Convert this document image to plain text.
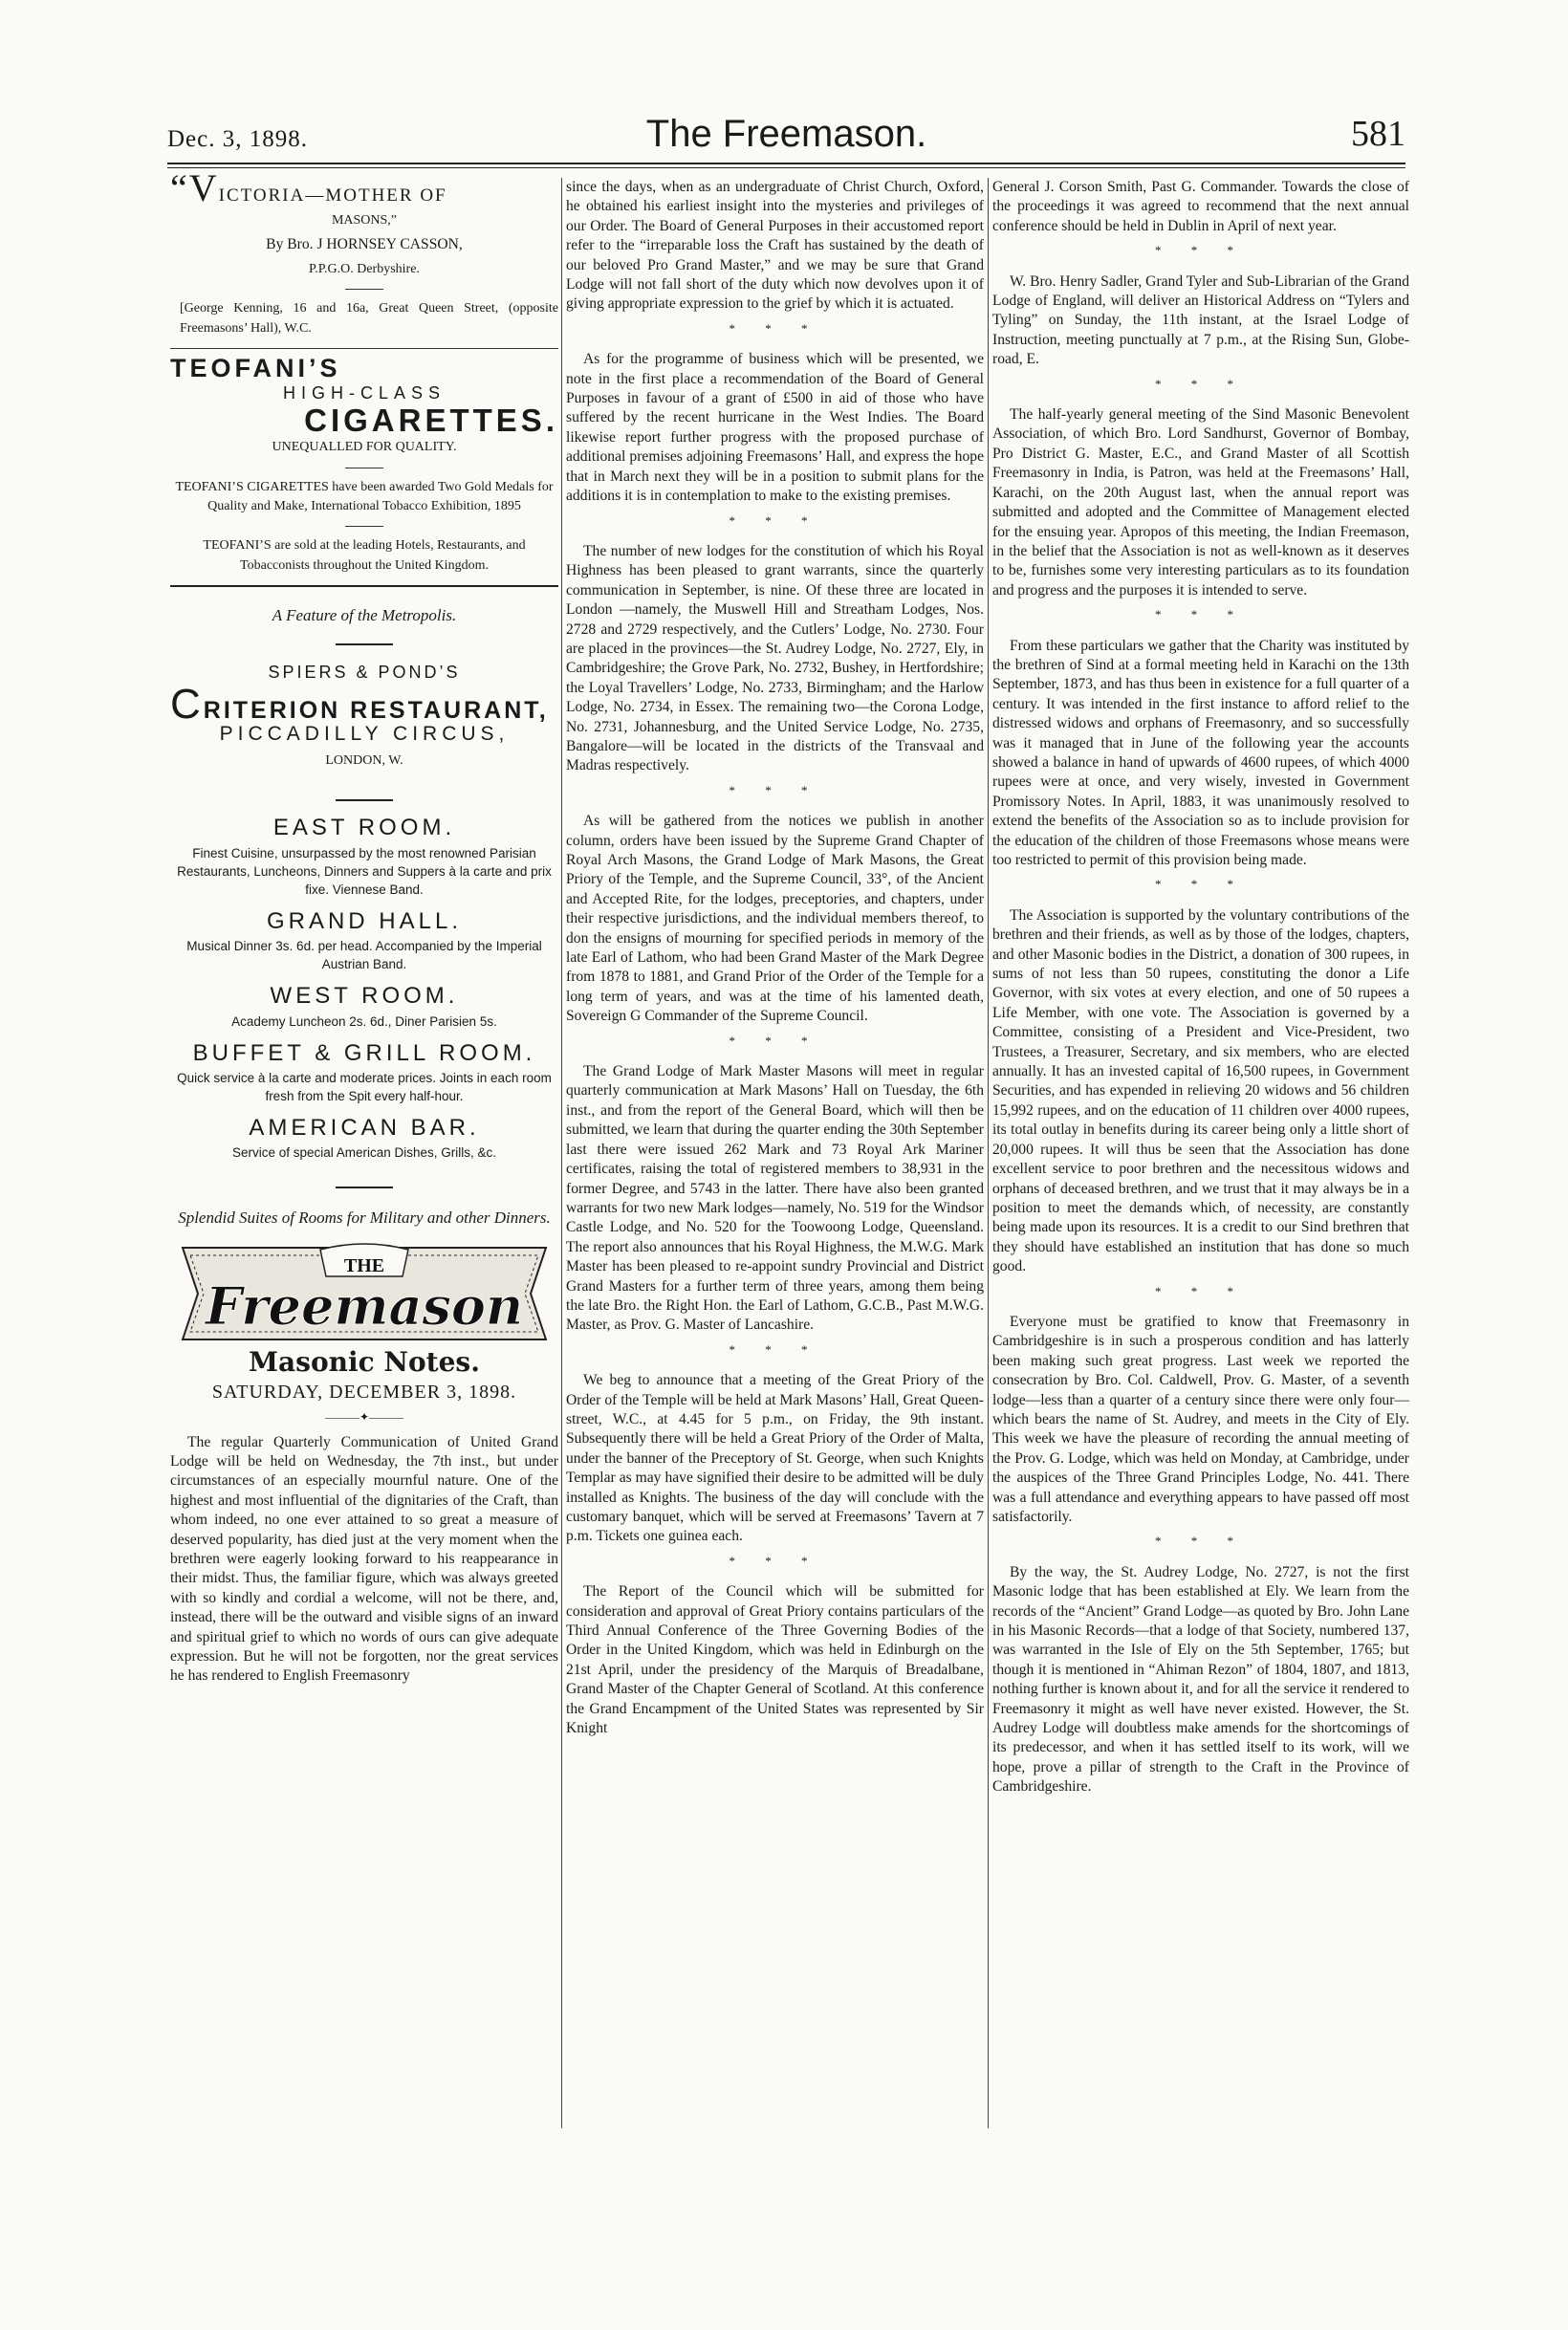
Dec. 3, 1898.	The Freemason.	581

“VICTORIA—MOTHER OF

MASONS,”

By Bro. J HORNSEY CASSON,

P.P.G.O. Derbyshire.

[George Kenning, 16 and 16a, Great Queen Street, (opposite Freemasons’ Hall), W.C.

TEOFANI’S
HIGH-CLASS
CIGARETTES.

UNEQUALLED FOR QUALITY.

TEOFANI’S CIGARETTES have been awarded Two Gold Medals for Quality and Make, International Tobacco Exhibition, 1895

TEOFANI’S are sold at the leading Hotels, Restaurants, and Tobacconists throughout the United Kingdom.

A Feature of the Metropolis.
SPIERS & POND’S
CRITERION RESTAURANT,
PICCADILLY CIRCUS,
LONDON, W.
EAST ROOM.
Finest Cuisine, unsurpassed by the most renowned Parisian Restaurants, Luncheons, Dinners and Suppers à la carte and prix fixe. Viennese Band.
GRAND HALL.
Musical Dinner 3s. 6d. per head. Accompanied by the Imperial Austrian Band.
WEST ROOM.
Academy Luncheon 2s. 6d., Diner Parisien 5s.
BUFFET & GRILL ROOM.
Quick service à la carte and moderate prices. Joints in each room fresh from the Spit every half-hour.
AMERICAN BAR.
Service of special American Dishes, Grills, &c.
Splendid Suites of Rooms for Military and other Dinners.
THE
Freemason
Masonic Notes.
SATURDAY, DECEMBER 3, 1898.
———✦———

The regular Quarterly Communication of United Grand Lodge will be held on Wednesday, the 7th inst., but under circumstances of an especially mournful nature. One of the highest and most influential of the dignitaries of the Craft, than whom indeed, no one ever attained to so great a measure of deserved popularity, has died just at the very moment when the brethren were eagerly looking forward to his reappearance in their midst. Thus, the familiar figure, which was always greeted with so kindly and cordial a welcome, will not be there, and, instead, there will be the outward and visible signs of an inward and spiritual grief to which no words of ours can give adequate expression. But he will not be forgotten, nor the great services he has rendered to English Freemasonry

since the days, when as an undergraduate of Christ Church, Oxford, he obtained his earliest insight into the mysteries and privileges of our Order. The Board of General Purposes in their accustomed report refer to the “irreparable loss the Craft has sustained by the death of our beloved Pro Grand Master,” and we may be sure that Grand Lodge will not fall short of the duty which now devolves upon it of giving appropriate expression to the grief by which it is actuated.

* * *

As for the programme of business which will be presented, we note in the first place a recommendation of the Board of General Purposes in favour of a grant of £500 in aid of those who have suffered by the recent hurricane in the West Indies. The Board likewise report further progress with the proposed purchase of additional premises adjoining Freemasons’ Hall, and express the hope that in March next they will be in a position to submit plans for the additions it is in contemplation to make to the existing premises.

* * *

The number of new lodges for the constitution of which his Royal Highness has been pleased to grant warrants, since the quarterly communication in September, is nine. Of these three are located in London —namely, the Muswell Hill and Streatham Lodges, Nos. 2728 and 2729 respectively, and the Cutlers’ Lodge, No. 2730. Four are placed in the provinces—the St. Audrey Lodge, No. 2727, Ely, in Cambridgeshire; the Grove Park, No. 2732, Bushey, in Hertfordshire; the Loyal Travellers’ Lodge, No. 2733, Birmingham; and the Harlow Lodge, No. 2734, in Essex. The remaining two—the Corona Lodge, No. 2731, Johannesburg, and the United Service Lodge, No. 2735, Bangalore—will be located in the districts of the Transvaal and Madras respectively.

* * *

As will be gathered from the notices we publish in another column, orders have been issued by the Supreme Grand Chapter of Royal Arch Masons, the Grand Lodge of Mark Masons, the Great Priory of the Temple, and the Supreme Council, 33°, of the Ancient and Accepted Rite, for the lodges, preceptories, and chapters, under their respective jurisdictions, and the individual members thereof, to don the ensigns of mourning for specified periods in memory of the late Earl of Lathom, who had been Grand Master of the Mark Degree from 1878 to 1881, and Grand Prior of the Order of the Temple for a long term of years, and was at the time of his lamented death, Sovereign G Commander of the Supreme Council.

* * *

The Grand Lodge of Mark Master Masons will meet in regular quarterly communication at Mark Masons’ Hall on Tuesday, the 6th inst., and from the report of the General Board, which will then be submitted, we learn that during the quarter ending the 30th September last there were issued 262 Mark and 73 Royal Ark Mariner certificates, raising the total of registered members to 38,931 in the former Degree, and 5743 in the latter. There have also been granted warrants for two new Mark lodges—namely, No. 519 for the Windsor Castle Lodge, and No. 520 for the Toowoong Lodge, Queensland. The report also announces that his Royal Highness, the M.W.G. Mark Master has been pleased to re-appoint sundry Provincial and District Grand Masters for a further term of three years, among them being the late Bro. the Right Hon. the Earl of Lathom, G.C.B., Past M.W.G. Master, as Prov. G. Master of Lancashire.

* * *

We beg to announce that a meeting of the Great Priory of the Order of the Temple will be held at Mark Masons’ Hall, Great Queen-street, W.C., at 4.45 for 5 p.m., on Friday, the 9th instant. Subsequently there will be held a Great Priory of the Order of Malta, under the banner of the Preceptory of St. George, when such Knights Templar as may have signified their desire to be admitted will be duly installed as Knights. The business of the day will conclude with the customary banquet, which will be served at Freemasons’ Tavern at 7 p.m. Tickets one guinea each.

* * *

The Report of the Council which will be submitted for consideration and approval of Great Priory contains particulars of the Third Annual Conference of the Three Governing Bodies of the Order in the United Kingdom, which was held in Edinburgh on the 21st April, under the presidency of the Marquis of Breadalbane, Grand Master of the Chapter General of Scotland. At this conference the Grand Encampment of the United States was represented by Sir Knight

General J. Corson Smith, Past G. Commander. Towards the close of the proceedings it was agreed to recommend that the next annual conference should be held in Dublin in April of next year.

* * *

W. Bro. Henry Sadler, Grand Tyler and Sub-Librarian of the Grand Lodge of England, will deliver an Historical Address on “Tylers and Tyling” on Sunday, the 11th instant, at the Israel Lodge of Instruction, meeting punctually at 7 p.m., at the Rising Sun, Globe-road, E.

* * *

The half-yearly general meeting of the Sind Masonic Benevolent Association, of which Bro. Lord Sandhurst, Governor of Bombay, Pro District G. Master, E.C., and Grand Master of all Scottish Freemasonry in India, is Patron, was held at the Freemasons’ Hall, Karachi, on the 20th August last, when the annual report was submitted and adopted and the Committee of Management elected for the ensuing year. Apropos of this meeting, the Indian Freemason, in the belief that the Association is not as well-known as it deserves to be, furnishes some very interesting particulars as to its foundation and progress and the purposes it is intended to serve.

* * *

From these particulars we gather that the Charity was instituted by the brethren of Sind at a formal meeting held in Karachi on the 13th September, 1873, and has thus been in existence for a full quarter of a century. It was intended in the first instance to afford relief to the distressed widows and orphans of Freemasonry, and so successfully was it managed that in June of the following year the accounts showed a balance in hand of upwards of 4600 rupees, of which 4000 rupees were at once, and very wisely, invested in Government Promissory Notes. In April, 1883, it was unanimously resolved to extend the benefits of the Association so as to include provision for the education of the children of those Freemasons whose means were too restricted to permit of this provision being made.

* * *

The Association is supported by the voluntary contributions of the brethren and their friends, as well as by those of the lodges, chapters, and other Masonic bodies in the District, a donation of 300 rupees, in sums of not less than 50 rupees, constituting the donor a Life Governor, with six votes at every election, and one of 50 rupees a Life Member, with one vote. The Association is governed by a Committee, consisting of a President and Vice-President, two Trustees, a Treasurer, Secretary, and six members, who are elected annually. It has an invested capital of 16,500 rupees, in Government Securities, and has expended in relieving 20 widows and 56 children 15,992 rupees, and on the education of 11 children over 4000 rupees, its total outlay in benefits during its career being only a little short of 20,000 rupees. It will thus be seen that the Association has done excellent service to poor brethren and the necessitous widows and orphans of deceased brethren, and we trust that it may always be in a position to meet the demands which, of necessity, are constantly being made upon its resources. It is a credit to our Sind brethren that they should have established an institution that has done so much good.

* * *

Everyone must be gratified to know that Freemasonry in Cambridgeshire is in such a prosperous condition and has latterly been making such great progress. Last week we reported the consecration by Bro. Col. Caldwell, Prov. G. Master, of a seventh lodge—less than a quarter of a century since there were only four—which bears the name of St. Audrey, and meets in the City of Ely. This week we have the pleasure of recording the annual meeting of the Prov. G. Lodge, which was held on Monday, at Cambridge, under the auspices of the Three Grand Principles Lodge, No. 441. There was a full attendance and everything appears to have passed off most satisfactorily.

* * *

By the way, the St. Audrey Lodge, No. 2727, is not the first Masonic lodge that has been established at Ely. We learn from the records of the “Ancient” Grand Lodge—as quoted by Bro. John Lane in his Masonic Records—that a lodge of that Society, numbered 137, was warranted in the Isle of Ely on the 5th September, 1765; but though it is mentioned in “Ahiman Rezon” of 1804, 1807, and 1813, nothing further is known about it, and for all the service it rendered to Freemasonry it might as well have never existed. However, the St. Audrey Lodge will doubtless make amends for the shortcomings of its predecessor, and when it has settled itself to its work, will we hope, prove a pillar of strength to the Craft in the Province of Cambridgeshire.
